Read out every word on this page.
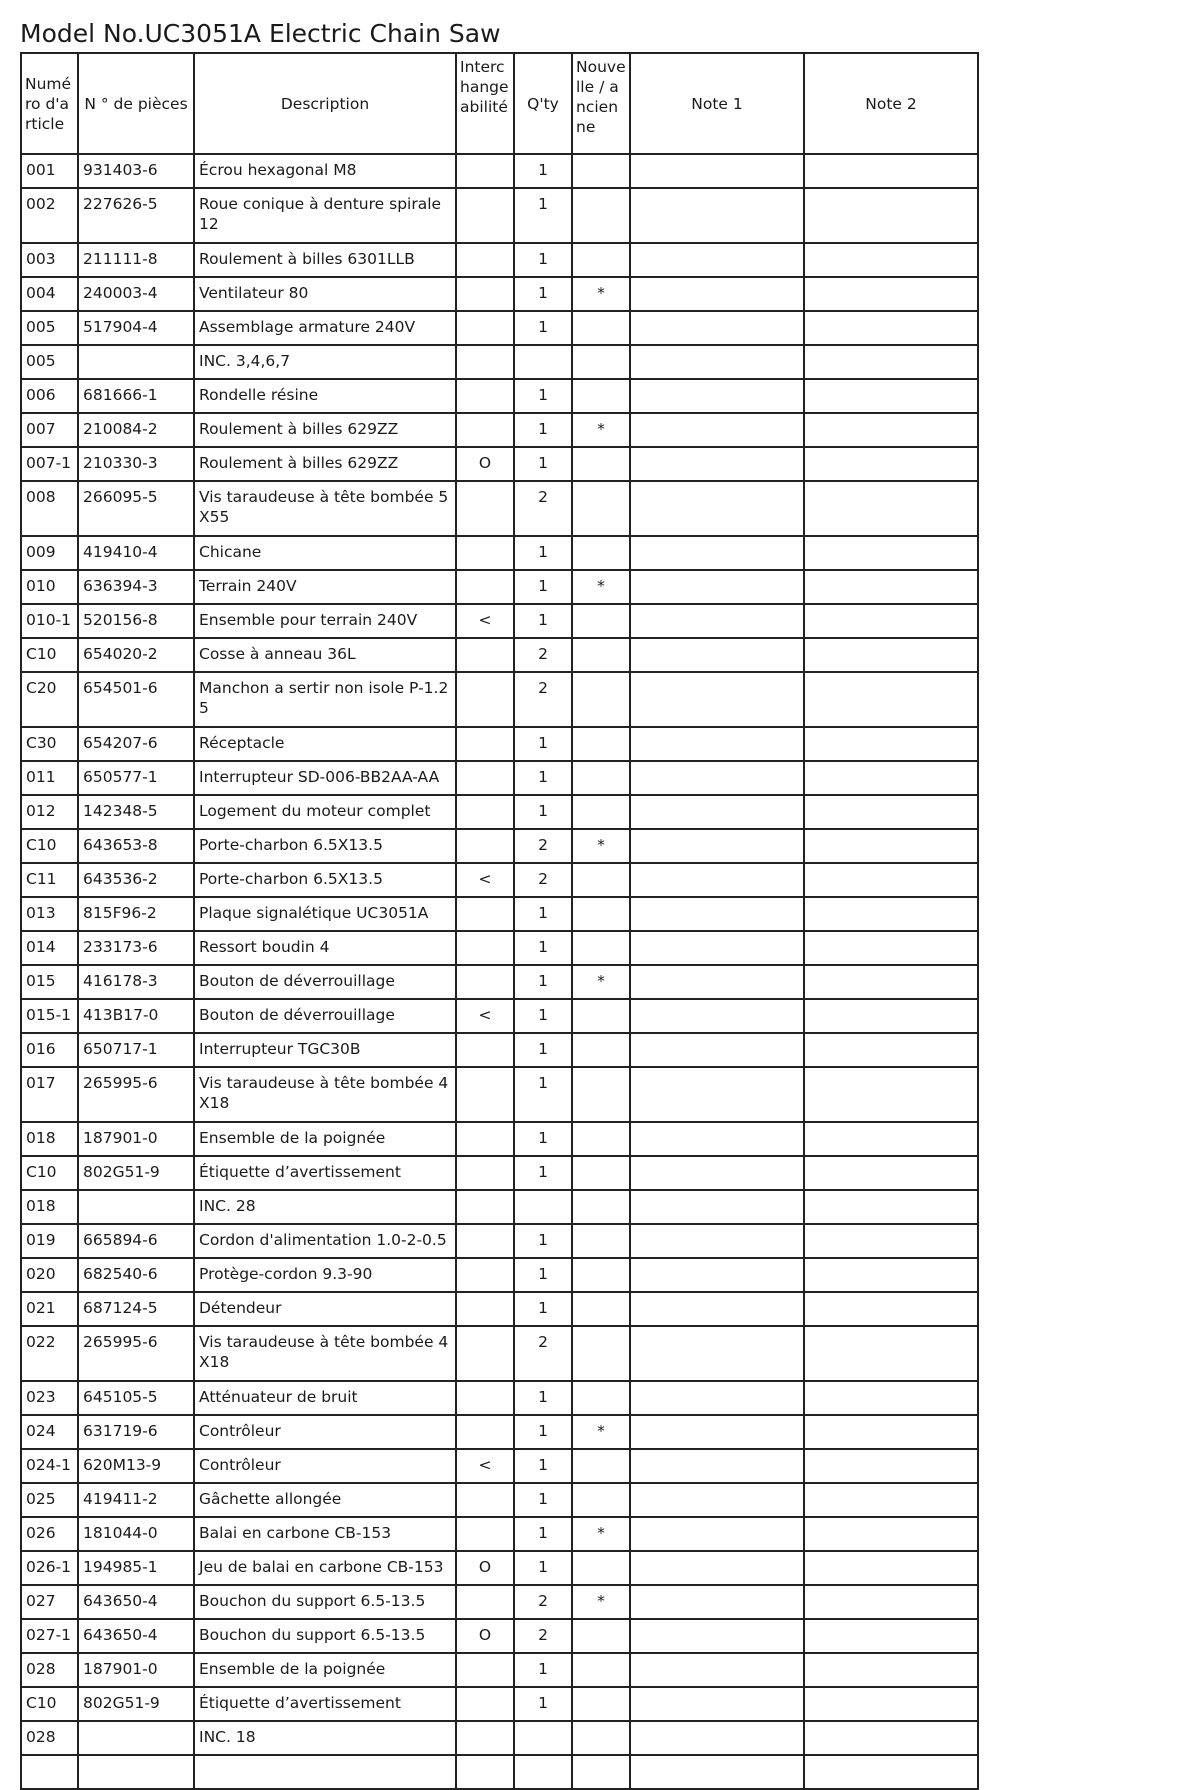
Model No.UC3051A Electric Chain Saw
Numéro d'article	N ° de pièces	Description	Interchangeabilité	Q'ty	Nouvelle / ancienne	Note 1	Note 2
001	931403-6	Écrou hexagonal M8		1			
002	227626-5	Roue conique à denture spirale 12		1			
003	211111-8	Roulement à billes 6301LLB		1			
004	240003-4	Ventilateur 80		1	*		
005	517904-4	Assemblage armature 240V		1			
005		INC. 3,4,6,7					
006	681666-1	Rondelle résine		1			
007	210084-2	Roulement à billes 629ZZ		1	*		
007-1	210330-3	Roulement à billes 629ZZ	O	1			
008	266095-5	Vis taraudeuse à tête bombée 5X55		2			
009	419410-4	Chicane		1			
010	636394-3	Terrain 240V		1	*		
010-1	520156-8	Ensemble pour terrain 240V	<	1			
C10	654020-2	Cosse à anneau 36L		2			
C20	654501-6	Manchon a sertir non isole P-1.25		2			
C30	654207-6	Réceptacle		1			
011	650577-1	Interrupteur SD-006-BB2AA-AA		1			
012	142348-5	Logement du moteur complet		1			
C10	643653-8	Porte-charbon 6.5X13.5		2	*		
C11	643536-2	Porte-charbon 6.5X13.5	<	2			
013	815F96-2	Plaque signalétique UC3051A		1			
014	233173-6	Ressort boudin 4		1			
015	416178-3	Bouton de déverrouillage		1	*		
015-1	413B17-0	Bouton de déverrouillage	<	1			
016	650717-1	Interrupteur TGC30B		1			
017	265995-6	Vis taraudeuse à tête bombée 4X18		1			
018	187901-0	Ensemble de la poignée		1			
C10	802G51-9	Étiquette d’avertissement		1			
018		INC. 28					
019	665894-6	Cordon d'alimentation 1.0-2-0.5		1			
020	682540-6	Protège-cordon 9.3-90		1			
021	687124-5	Détendeur		1			
022	265995-6	Vis taraudeuse à tête bombée 4X18		2			
023	645105-5	Atténuateur de bruit		1			
024	631719-6	Contrôleur		1	*		
024-1	620M13-9	Contrôleur	<	1			
025	419411-2	Gâchette allongée		1			
026	181044-0	Balai en carbone CB-153		1	*		
026-1	194985-1	Jeu de balai en carbone CB-153	O	1			
027	643650-4	Bouchon du support 6.5-13.5		2	*		
027-1	643650-4	Bouchon du support 6.5-13.5	O	2			
028	187901-0	Ensemble de la poignée		1			
C10	802G51-9	Étiquette d’avertissement		1			
028		INC. 18					
